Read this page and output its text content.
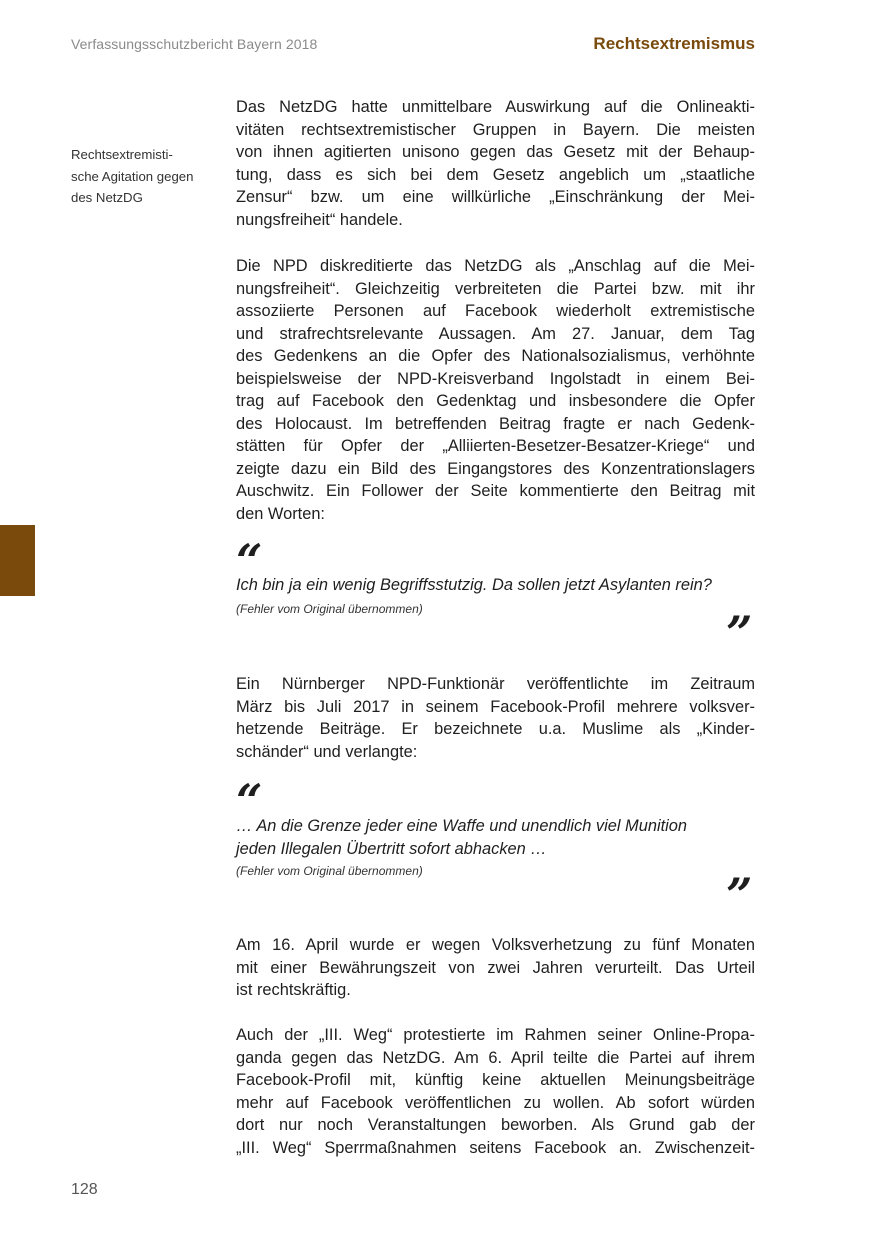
Verfassungsschutzbericht Bayern 2018	Rechtsextremismus
Rechtsextremisti-
sche Agitation gegen
des NetzDG
Das NetzDG hatte unmittelbare Auswirkung auf die Onlineakti-
vitäten rechtsextremistischer Gruppen in Bayern. Die meisten
von ihnen agitierten unisono gegen das Gesetz mit der Behaup-
tung, dass es sich bei dem Gesetz angeblich um „staatliche
Zensur“ bzw. um eine willkürliche „Einschränkung der Mei-
nungsfreiheit“ handele.
Die NPD diskreditierte das NetzDG als „Anschlag auf die Mei-
nungsfreiheit“. Gleichzeitig verbreiteten die Partei bzw. mit ihr
assoziierte Personen auf Facebook wiederholt extremistische
und strafrechtsrelevante Aussagen. Am 27. Januar, dem Tag
des Gedenkens an die Opfer des Nationalsozialismus, verhöhnte
beispielsweise der NPD-Kreisverband Ingolstadt in einem Bei-
trag auf Facebook den Gedenktag und insbesondere die Opfer
des Holocaust. Im betreffenden Beitrag fragte er nach Gedenk-
stätten für Opfer der „Alliierten-Besetzer-Besatzer-Kriege“ und
zeigte dazu ein Bild des Eingangstores des Konzentrationslagers
Auschwitz. Ein Follower der Seite kommentierte den Beitrag mit
den Worten:
“
Ich bin ja ein wenig Begriffsstutzig. Da sollen jetzt Asylanten rein?
(Fehler vom Original übernommen)	”
Ein Nürnberger NPD-Funktionär veröffentlichte im Zeitraum
März bis Juli 2017 in seinem Facebook-Profil mehrere volksver-
hetzende Beiträge. Er bezeichnete u.a. Muslime als „Kinder-
schänder“ und verlangte:
“
… An die Grenze jeder eine Waffe und unendlich viel Munition
jeden Illegalen Übertritt sofort abhacken …
(Fehler vom Original übernommen)	”
Am 16. April wurde er wegen Volksverhetzung zu fünf Monaten
mit einer Bewährungszeit von zwei Jahren verurteilt. Das Urteil
ist rechtskräftig.
Auch der „III. Weg“ protestierte im Rahmen seiner Online-Propa-
ganda gegen das NetzDG. Am 6. April teilte die Partei auf ihrem
Facebook-Profil mit, künftig keine aktuellen Meinungsbeiträge
mehr auf Facebook veröffentlichen zu wollen. Ab sofort würden
dort nur noch Veranstaltungen beworben. Als Grund gab der
„III. Weg“ Sperrmaßnahmen seitens Facebook an. Zwischenzeit-
128
